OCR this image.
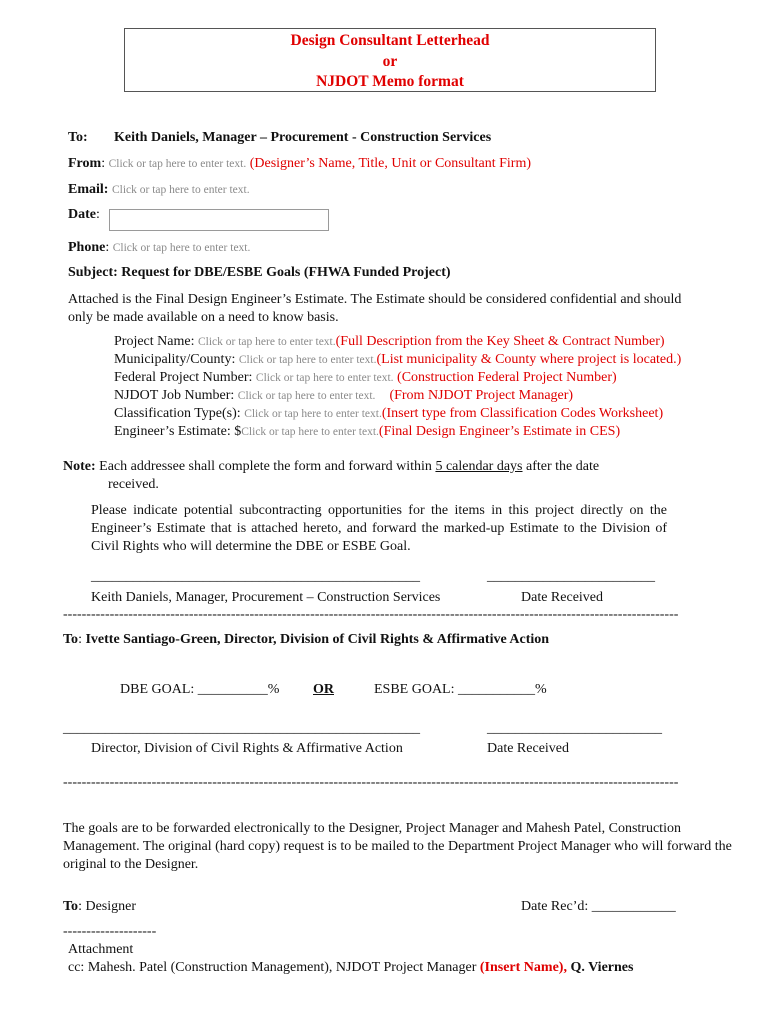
Design Consultant Letterhead
or
NJDOT Memo format
To: Keith Daniels, Manager – Procurement - Construction Services
From: Click or tap here to enter text. (Designer’s Name, Title, Unit or Consultant Firm)
Email: Click or tap here to enter text.
Date:
Phone: Click or tap here to enter text.
Subject: Request for DBE/ESBE Goals (FHWA Funded Project)
Attached is the Final Design Engineer’s Estimate. The Estimate should be considered confidential and should only be made available on a need to know basis.
Project Name: Click or tap here to enter text.(Full Description from the Key Sheet & Contract Number)
Municipality/County: Click or tap here to enter text.(List municipality & County where project is located.)
Federal Project Number: Click or tap here to enter text. (Construction Federal Project Number)
NJDOT Job Number: Click or tap here to enter text.    (From NJDOT Project Manager)
Classification Type(s): Click or tap here to enter text.(Insert type from Classification Codes Worksheet)
Engineer’s Estimate: $Click or tap here to enter text.(Final Design Engineer’s Estimate in CES)
Note: Each addressee shall complete the form and forward within 5 calendar days after the date
received.
Please indicate potential subcontracting opportunities for the items in this project directly on the Engineer’s Estimate that is attached hereto, and forward the marked-up Estimate to the Division of Civil Rights who will determine the DBE or ESBE Goal.
_______________________________________________	________________________
Keith Daniels, Manager, Procurement – Construction Services	Date Received
------------------------------------------------------------------------------------------------------------------------------------
To: Ivette Santiago-Green, Director, Division of Civil Rights & Affirmative Action
DBE GOAL: __________% OR	ESBE GOAL: ___________%
___________________________________________________	_________________________
Director, Division of Civil Rights & Affirmative Action	Date Received
------------------------------------------------------------------------------------------------------------------------------------
The goals are to be forwarded electronically to the Designer, Project Manager and Mahesh Patel, Construction Management. The original (hard copy) request is to be mailed to the Department Project Manager who will forward the original to the Designer.
To: Designer	Date Rec’d: ____________
--------------------
Attachment
cc: Mahesh. Patel (Construction Management), NJDOT Project Manager (Insert Name), Q. Viernes
